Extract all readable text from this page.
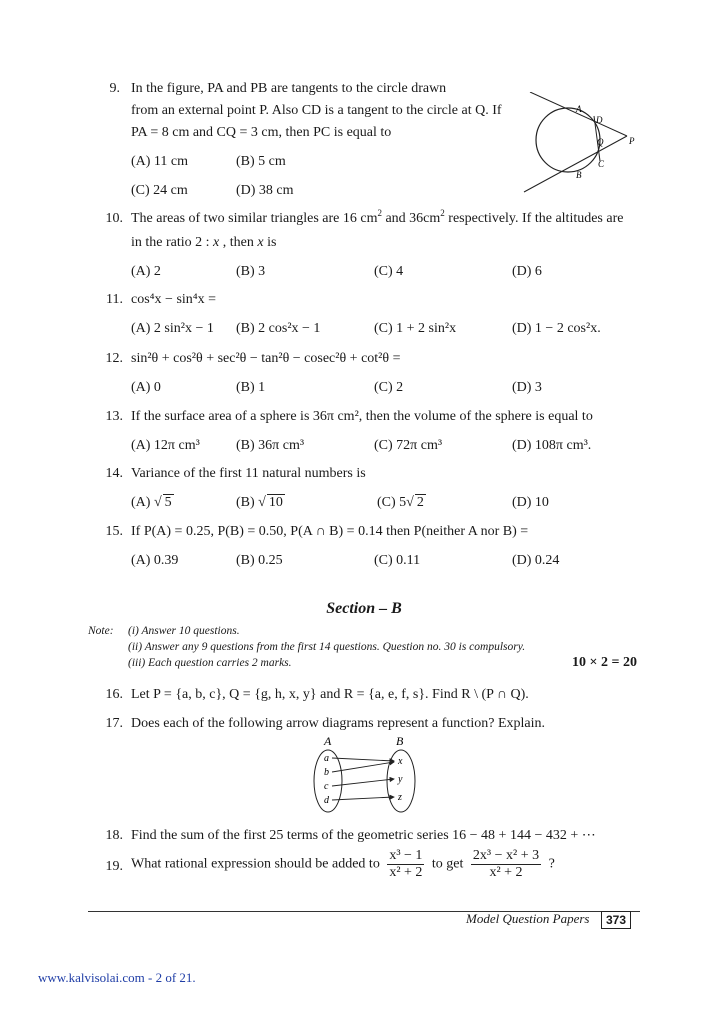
9. In the figure, PA and PB are tangents to the circle drawn
from an external point P. Also CD is a tangent to the circle at Q. If
PA = 8 cm and CQ = 3 cm, then PC is equal to
(A) 11 cm	(B) 5 cm
(C) 24 cm	(D) 38 cm
A
D
Q	P
C
B
10. The areas of two similar triangles are 16 $cm^2$ and $36cm^2$ respectively. If the altitudes are
in the ratio 2 : x , then x is
(A) 2	(B) 3	(C) 4	(D) 6
11. cos⁴x − sin⁴x =
(A) 2 sin²x − 1 (B) 2 cos²x − 1	(C) 1 + 2 sin²x	(D) 1 − 2 cos²x.
12. sin²θ + cos²θ + sec²θ − tan²θ − cosec²θ + cot²θ =
(A) 0	(B) 1	(C) 2	(D) 3
13. If the surface area of a sphere is 36π cm², then the volume of the sphere is equal to
(A) 12π cm³	(B) 36π cm³	(C) 72π cm³	(D) 108π cm³.
14. Variance of the first 11 natural numbers is
(A) √ 5	(B) √ 10	(C) 5√ 2	(D) 10
15. If P(A) = 0.25, P(B) = 0.50, P(A ∩ B) = 0.14 then P(neither A nor B) =
(A) 0.39	(B) 0.25	(C) 0.11	(D) 0.24
Section – B
Note: (i) Answer 10 questions.
(ii) Answer any 9 questions from the first 14 questions. Question no. 30 is compulsory.
(iii) Each question carries 2 marks.	10 × 2 = 20
16. Let P = {a, b, c}, Q = {g, h, x, y} and R = {a, e, f, s}. Find R \ (P ∩ Q).
17. Does each of the following arrow diagrams represent a function? Explain.
A	B
a
b
c
d
x
y
z
18. Find the sum of the first 25 terms of the geometric series 16 − 48 + 144 − 432 + ⋯
19. What rational expression should be added to $\frac{\text{x³ − 1}}{\text{x² + 2}}$ to get $\frac{\text{2x³ − x² + 3}}{\text{x² + 2}}$ ?
Model Question Papers	373
www.kalvisolai.com - 2 of 21.
